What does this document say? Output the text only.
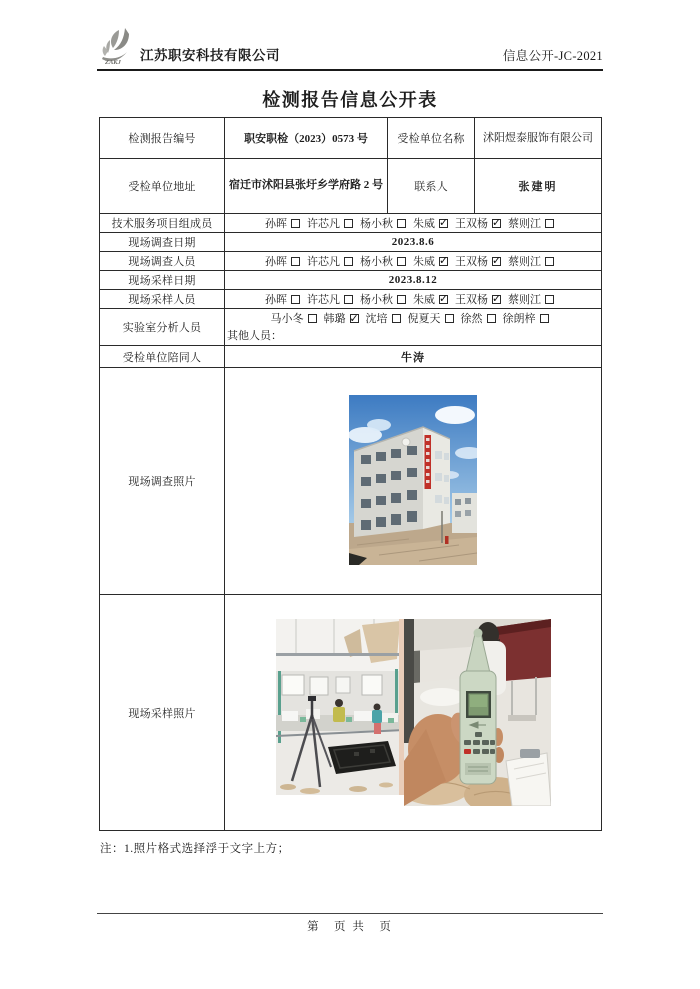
ZAKJ 江苏职安科技有限公司	信息公开-JC-2021
检测报告信息公开表
检测报告编号	职安职检（2023）0573 号	受检单位名称	沭阳煜泰服饰有限公司
受检单位地址	宿迁市沭阳县张圩乡学府路 2 号	联系人	张建明
技术服务项目组成员	孙晖 许芯凡 杨小秋 朱威 ✓ 王双杨 ✓ 蔡则江
现场调查日期	2023.8.6		
现场调查人员	孙晖 许芯凡 杨小秋 朱威 ✓ 王双杨 ✓ 蔡则江
现场采样日期	2023.8.12		
现场采样人员	孙晖 许芯凡 杨小秋 朱威 ✓ 王双杨 ✓ 蔡则江
实验室分析人员	马小冬 韩璐 ✓ 沈培 倪夏天 徐然 徐朗梓
其他人员：

受检单位陪同人	牛涛		
现场调查照片	
现场采样照片	
注：1.照片格式选择浮于文字上方；
第　页 共　页
